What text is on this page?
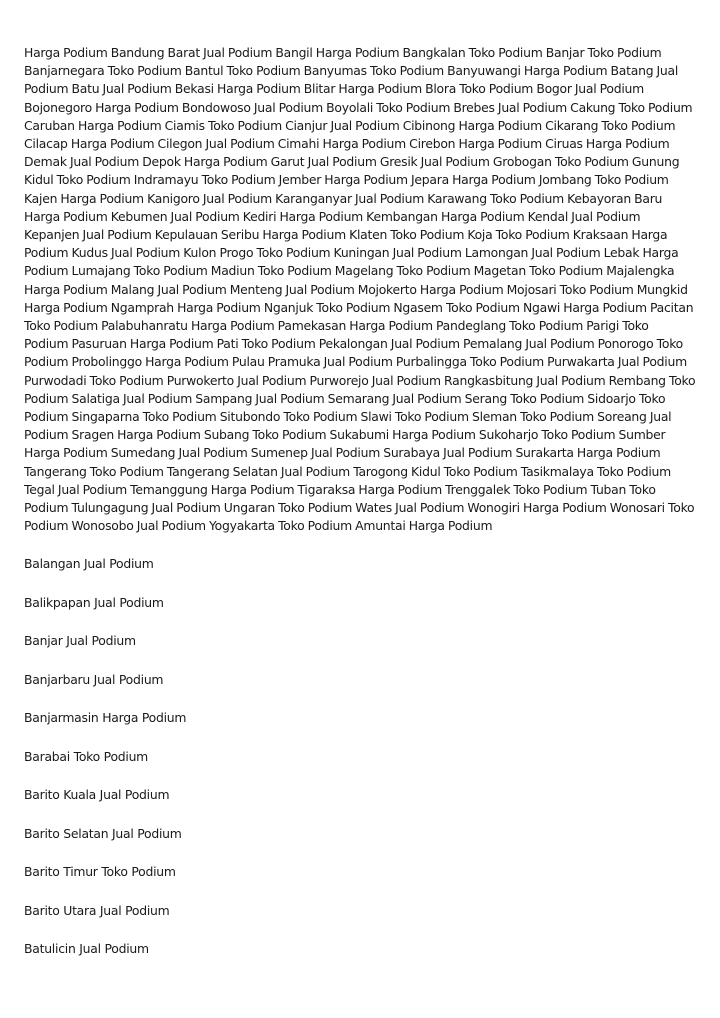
Harga Podium Bandung Barat Jual Podium Bangil Harga Podium Bangkalan Toko Podium Banjar Toko Podium Banjarnegara Toko Podium Bantul Toko Podium Banyumas Toko Podium Banyuwangi Harga Podium Batang Jual Podium Batu Jual Podium Bekasi Harga Podium Blitar Harga Podium Blora Toko Podium Bogor Jual Podium Bojonegoro Harga Podium Bondowoso Jual Podium Boyolali Toko Podium Brebes Jual Podium Cakung Toko Podium Caruban Harga Podium Ciamis Toko Podium Cianjur Jual Podium Cibinong Harga Podium Cikarang Toko Podium Cilacap Harga Podium Cilegon Jual Podium Cimahi Harga Podium Cirebon Harga Podium Ciruas Harga Podium Demak Jual Podium Depok Harga Podium Garut Jual Podium Gresik Jual Podium Grobogan Toko Podium Gunung Kidul Toko Podium Indramayu Toko Podium Jember Harga Podium Jepara Harga Podium Jombang Toko Podium Kajen Harga Podium Kanigoro Jual Podium Karanganyar Jual Podium Karawang Toko Podium Kebayoran Baru Harga Podium Kebumen Jual Podium Kediri Harga Podium Kembangan Harga Podium Kendal Jual Podium Kepanjen Jual Podium Kepulauan Seribu Harga Podium Klaten Toko Podium Koja Toko Podium Kraksaan Harga Podium Kudus Jual Podium Kulon Progo Toko Podium Kuningan Jual Podium Lamongan Jual Podium Lebak Harga Podium Lumajang Toko Podium Madiun Toko Podium Magelang Toko Podium Magetan Toko Podium Majalengka Harga Podium Malang Jual Podium Menteng Jual Podium Mojokerto Harga Podium Mojosari Toko Podium Mungkid Harga Podium Ngamprah Harga Podium Nganjuk Toko Podium Ngasem Toko Podium Ngawi Harga Podium Pacitan Toko Podium Palabuhanratu Harga Podium Pamekasan Harga Podium Pandeglang Toko Podium Parigi Toko Podium Pasuruan Harga Podium Pati Toko Podium Pekalongan Jual Podium Pemalang Jual Podium Ponorogo Toko Podium Probolinggo Harga Podium Pulau Pramuka Jual Podium Purbalingga Toko Podium Purwakarta Jual Podium Purwodadi Toko Podium Purwokerto Jual Podium Purworejo Jual Podium Rangkasbitung Jual Podium Rembang Toko Podium Salatiga Jual Podium Sampang Jual Podium Semarang Jual Podium Serang Toko Podium Sidoarjo Toko Podium Singaparna Toko Podium Situbondo Toko Podium Slawi Toko Podium Sleman Toko Podium Soreang Jual Podium Sragen Harga Podium Subang Toko Podium Sukabumi Harga Podium Sukoharjo Toko Podium Sumber Harga Podium Sumedang Jual Podium Sumenep Jual Podium Surabaya Jual Podium Surakarta Harga Podium Tangerang Toko Podium Tangerang Selatan Jual Podium Tarogong Kidul Toko Podium Tasikmalaya Toko Podium Tegal Jual Podium Temanggung Harga Podium Tigaraksa Harga Podium Trenggalek Toko Podium Tuban Toko Podium Tulungagung Jual Podium Ungaran Toko Podium Wates Jual Podium Wonogiri Harga Podium Wonosari Toko Podium Wonosobo Jual Podium Yogyakarta Toko Podium Amuntai Harga Podium

Balangan Jual Podium
Balikpapan Jual Podium
Banjar Jual Podium
Banjarbaru Jual Podium
Banjarmasin Harga Podium
Barabai Toko Podium
Barito Kuala Jual Podium
Barito Selatan Jual Podium
Barito Timur Toko Podium
Barito Utara Jual Podium
Batulicin Jual Podium
